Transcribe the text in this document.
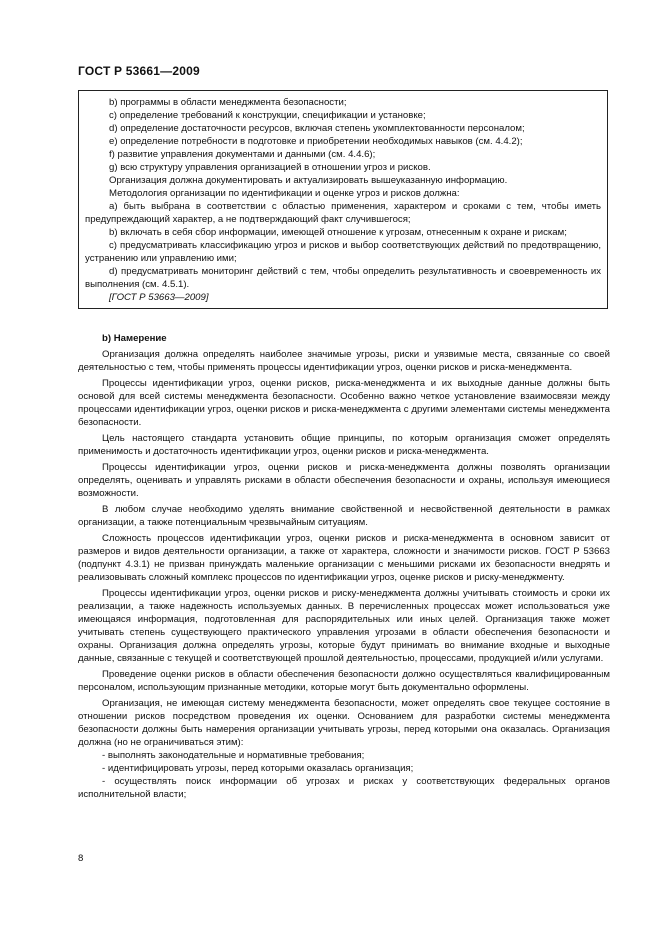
ГОСТ Р 53661—2009
b) программы в области менеджмента безопасности;
c) определение требований к конструкции, спецификации и установке;
d) определение достаточности ресурсов, включая степень укомплектованности персоналом;
e) определение потребности в подготовке и приобретении необходимых навыков (см. 4.4.2);
f) развитие управления документами и данными (см. 4.4.6);
g) всю структуру управления организацией в отношении угроз и рисков.
Организация должна документировать и актуализировать вышеуказанную информацию.
Методология организации по идентификации и оценке угроз и рисков должна:
a) быть выбрана в соответствии с областью применения, характером и сроками с тем, чтобы иметь предупреждающий характер, а не подтверждающий факт случившегося;
b) включать в себя сбор информации, имеющей отношение к угрозам, отнесенным к охране и рискам;
c) предусматривать классификацию угроз и рисков и выбор соответствующих действий по предотвращению, устранению или управлению ими;
d) предусматривать мониторинг действий с тем, чтобы определить результативность и своевременность их выполнения (см. 4.5.1).
[ГОСТ Р 53663—2009]
b) Намерение

Организация должна определять наиболее значимые угрозы, риски и уязвимые места, связанные со своей деятельностью с тем, чтобы применять процессы идентификации угроз, оценки рисков и риска-менеджмента.

Процессы идентификации угроз, оценки рисков, риска-менеджмента и их выходные данные должны быть основой для всей системы менеджмента безопасности. Особенно важно четкое установление взаимосвязи между процессами идентификации угроз, оценки рисков и риска-менеджмента с другими элементами системы менеджмента безопасности.

Цель настоящего стандарта установить общие принципы, по которым организация сможет определять применимость и достаточность идентификации угроз, оценки рисков и риска-менеджмента.

Процессы идентификации угроз, оценки рисков и риска-менеджмента должны позволять организации определять, оценивать и управлять рисками в области обеспечения безопасности и охраны, используя имеющиеся возможности.

В любом случае необходимо уделять внимание свойственной и несвойственной деятельности в рамках организации, а также потенциальным чрезвычайным ситуациям.

Сложность процессов идентификации угроз, оценки рисков и риска-менеджмента в основном зависит от размеров и видов деятельности организации, а также от характера, сложности и значимости рисков. ГОСТ Р 53663 (подпункт 4.3.1) не призван принуждать маленькие организации с меньшими рисками их безопасности внедрять и реализовывать сложный комплекс процессов по идентификации угроз, оценке рисков и риску-менеджменту.

Процессы идентификации угроз, оценки рисков и риску-менеджмента должны учитывать стоимость и сроки их реализации, а также надежность используемых данных. В перечисленных процессах может использоваться уже имеющаяся информация, подготовленная для распорядительных или иных целей. Организация также может учитывать степень существующего практического управления угрозами в области обеспечения безопасности и охраны. Организация должна определять угрозы, которые будут принимать во внимание входные и выходные данные, связанные с текущей и соответствующей прошлой деятельностью, процессами, продукцией и/или услугами.

Проведение оценки рисков в области обеспечения безопасности должно осуществляться квалифицированным персоналом, использующим признанные методики, которые могут быть документально оформлены.

Организация, не имеющая систему менеджмента безопасности, может определять свое текущее состояние в отношении рисков посредством проведения их оценки. Основанием для разработки системы менеджмента безопасности должны быть намерения организации учитывать угрозы, перед которыми она оказалась. Организация должна (но не ограничиваться этим):

- выполнять законодательные и нормативные требования;
- идентифицировать угрозы, перед которыми оказалась организация;
- осуществлять поиск информации об угрозах и рисках у соответствующих федеральных органов исполнительной власти;
8
